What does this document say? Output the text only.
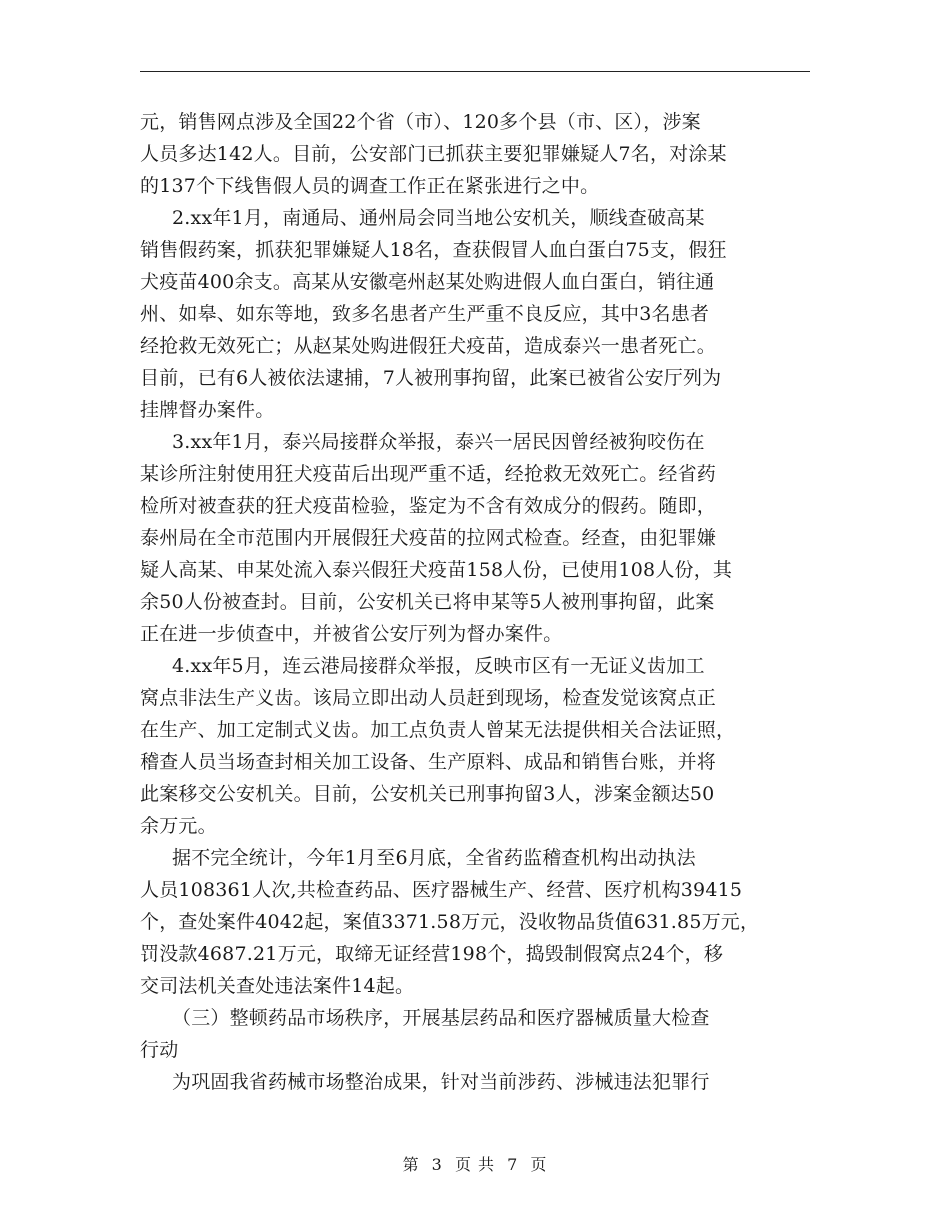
元，销售网点涉及全国22个省（市）、120多个县（市、区），涉案
人员多达142人。目前，公安部门已抓获主要犯罪嫌疑人7名，对涂某
的137个下线售假人员的调查工作正在紧张进行之中。
2.xx年1月，南通局、通州局会同当地公安机关，顺线查破高某
销售假药案，抓获犯罪嫌疑人18名，查获假冒人血白蛋白75支，假狂
犬疫苗400余支。高某从安徽亳州赵某处购进假人血白蛋白，销往通
州、如皋、如东等地，致多名患者产生严重不良反应，其中3名患者
经抢救无效死亡；从赵某处购进假狂犬疫苗，造成泰兴一患者死亡。
目前，已有6人被依法逮捕，7人被刑事拘留，此案已被省公安厅列为
挂牌督办案件。
3.xx年1月，泰兴局接群众举报，泰兴一居民因曾经被狗咬伤在
某诊所注射使用狂犬疫苗后出现严重不适，经抢救无效死亡。经省药
检所对被查获的狂犬疫苗检验，鉴定为不含有效成分的假药。随即，
泰州局在全市范围内开展假狂犬疫苗的拉网式检查。经查，由犯罪嫌
疑人高某、申某处流入泰兴假狂犬疫苗158人份，已使用108人份，其
余50人份被查封。目前，公安机关已将申某等5人被刑事拘留，此案
正在进一步侦查中，并被省公安厅列为督办案件。
4.xx年5月，连云港局接群众举报，反映市区有一无证义齿加工
窝点非法生产义齿。该局立即出动人员赶到现场，检查发觉该窝点正
在生产、加工定制式义齿。加工点负责人曾某无法提供相关合法证照，
稽查人员当场查封相关加工设备、生产原料、成品和销售台账，并将
此案移交公安机关。目前，公安机关已刑事拘留3人，涉案金额达50
余万元。
据不完全统计，今年1月至6月底，全省药监稽查机构出动执法
人员108361人次,共检查药品、医疗器械生产、经营、医疗机构39415
个，查处案件4042起，案值3371.58万元，没收物品货值631.85万元，
罚没款4687.21万元，取缔无证经营198个，捣毁制假窝点24个，移
交司法机关查处违法案件14起。
（三）整顿药品市场秩序，开展基层药品和医疗器械质量大检查
行动
为巩固我省药械市场整治成果，针对当前涉药、涉械违法犯罪行
第 3 页 共 7 页
